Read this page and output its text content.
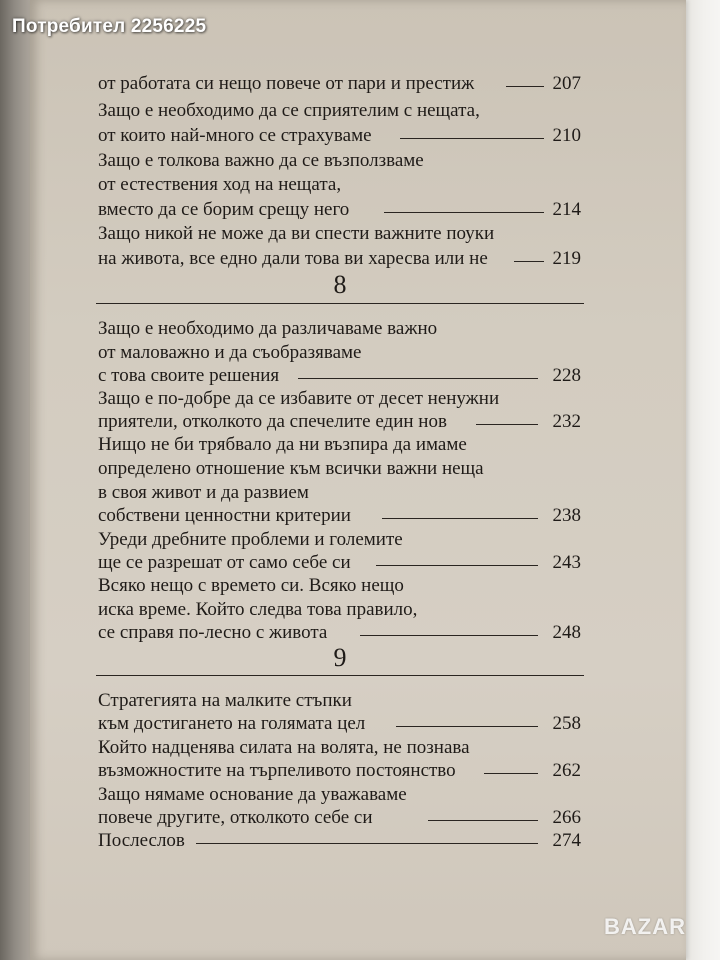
от работата си нещо повече от пари и престиж	207
Защо е необходимо да се сприятелим с нещата,
от които най-много се страхуваме	210
Защо е толкова важно да се възползваме
от естествения ход на нещата,
вместо да се борим срещу него	214
Защо никой не може да ви спести важните поуки
на живота, все едно дали това ви харесва или не	219
8
Защо е необходимо да различаваме важно
от маловажно и да съобразяваме
с това своите решения	228
Защо е по-добре да се избавите от десет ненужни
приятели, отколкото да спечелите един нов	232
Нищо не би трябвало да ни възпира да имаме
определено отношение към всички важни неща
в своя живот и да развием
собствени ценностни критерии	238
Уреди дребните проблеми и големите
ще се разрешат от само себе си	243
Всяко нещо с времето си. Всяко нещо
иска време. Който следва това правило,
се справя по-лесно с живота	248
9
Стратегията на малките стъпки
към достигането на голямата цел	258
Който надценява силата на волята, не познава
възможностите на търпеливото постоянство	262
Защо нямаме основание да уважаваме
повече другите, отколкото себе си	266
Послеслов	274
Потребител 2256225
BAZAR
